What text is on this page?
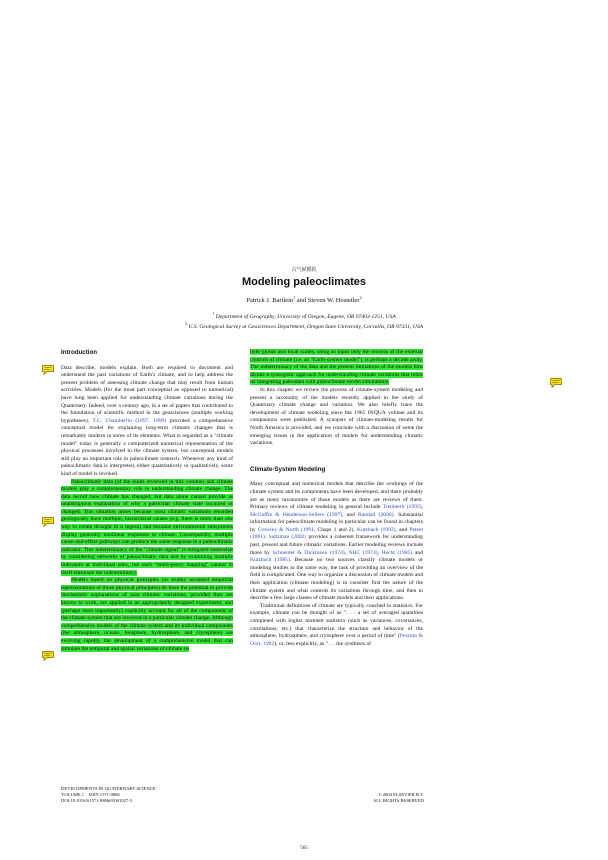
古气候模拟
Modeling paleoclimates
Patrick J. Bartlein$^1$ and Steven W. Hostetler$^2$
$^1$ Department of Geography, University of Oregon, Eugene, OR 97403-1251, USA
$^2$ U.S. Geological Survey at Geosciences Department, Oregon State University, Corvallis, OR 97331, USA
Introduction

Data describe, models explain. Both are required to document and understand the past variations of Earth's climate, and to help address the present problem of assessing climate change that may result from human activities. Models (for the most part conceptual as opposed to numerical) have long been applied for understanding climate variations during the Quaternary. Indeed, over a century ago, in a set of papers that contributed to the foundation of scientific method in the geosciences (multiple working hypotheses), T.C. Chamberlin (1897, 1899) provided a comprehensive conceptual model for explaining long-term climatic changes that is remarkably modern in some of its elements. What is regarded as a "climate model" today is generally a computerized numerical representation of the physical processes involved in the climate system, but conceptual models still play an important role in paleoclimate research. Whenever any kind of paleoclimatic data is interpreted, either quantitatively or qualitatively, some kind of model is invoked.

Paleoclimatic data (of the kinds reviewed in this volume) and climate models play a complementary role in understanding climate change. The data record how climate has changed, but data alone cannot provide as unambiguous explanation of why a particular climate state occurred or changed. This situation arises because most climatic variations recorded geologically have multiple, hierarchical causes (e.g. there is more than one way to create drought in a region) and because environmental subsystems display generally nonlinear responses to climate. Consequently, multiple cause-and-effect pathways can produce the same response in a paleoclimatic indicator. This indeterminacy of the "climate signal" is mitigated somewhat by considering networks of paleoclimatic data and by examining multiple indicators at individual sites, but such "multi-proxy mapping" cannot in itself eliminate the indeterminacy.

Models based on physical principles (or widely accepted empirical representations of those physical principles) do have the potential to provide mechanistic explanations of past climatic variations, provided they are known to work, are applied in an appropriately designed experiment, and (perhaps most importantly) explicitly account for all of the components of the climate system that are involved in a particular climate change. Although comprehensive models of the climate system and its individual components (the atmosphere, oceans, biosphere, hydrosphere, and cryosphere) are evolving rapidly, the development of a comprehensive model that can simulate the temporal and spatial variations of climate on

both global and local scales, using as input only the records of the external controls of climate (i.e. an "Earth-system model"), is perhaps a decade away. The indeterminacy of the data and the present limitations of the models thus dictate a synergistic approach for understanding climate variations that relies on integrating paleodata with paleoclimate model simulations.

In this chapter we review the process of climate-system modeling and present a taxonomy of the models recently applied in the study of Quaternary climate change and variation. We also briefly trace the development of climate modeling since the 1965 INQUA volume and its companions were published. A synopsis of climate-modeling results for North America is provided, and we conclude with a discussion of some the emerging issues in the application of models for understanding climatic variations.

Climate-System Modeling

Many conceptual and numerical models that describe the workings of the climate system and its components have been developed, and there probably are as many taxonomies of those models as there are reviews of them. Primary reviews of climate modeling in general include Trenberth (1992), McGuffie & Henderson-Sellers (1997), and Randall (2000). Substantial information for paleoclimate modeling in particular can be found in chapters by Crowley & North (1991, Chaps 1 and 2), Kutzbach (1992), and Peteet (2001). Saltzman (2002) provides a coherent framework for understanding past, present and future climatic variations. Earlier modeling reviews include those by Schneider & Dickinson (1974), NRC (1974), Hecht (1985) and Kutzbach (1985). Because no two sources classify climate models or modeling studies in the same way, the task of providing an overview of the field is complicated. One way to organize a discussion of climate models and their application (climate modeling) is to consider first the nature of the climate system and what controls its variations through time, and then to describe a few large classes of climate models and their applications.

Traditional definitions of climate are typically couched in statistics. For example, climate can be thought of as ". . . a set of averaged quantities completed with higher moment statistics (such as variances, covariances, correlations, etc.) that characterize the structure and behavior of the atmosphere, hydrosphere, and cryosphere over a period of time" (Peixoto & Oort, 1992), or, less explicitly, as ". . . the synthesis of

DEVELOPMENTS IN QUATERNARY SCIENCE
VOLUME 1    ISSN 1571-0866
DOI:10.1016/S1571-0866(03)01027-3
© 2004 ELSEVIER B.V.
ALL RIGHTS RESERVED
565
